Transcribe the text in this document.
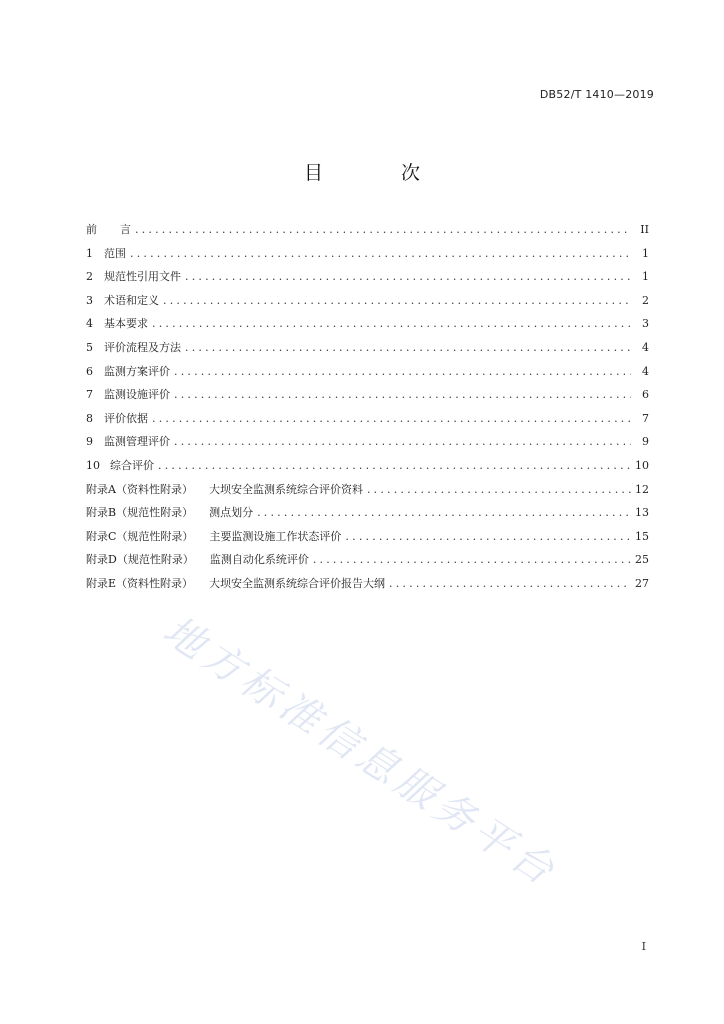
DB52/T 1410—2019
目 次
前	言 .....	II
1	范围 .....	1
2	规范性引用文件 .....	1
3	术语和定义 .....	2
4	基本要求 .....	3
5	评价流程及方法 .....	4
6	监测方案评价 .....	4
7	监测设施评价 .....	6
8	评价依据 .....	7
9	监测管理评价 .....	9
10 综合评价 .....	10
附录A（资料性附录） 大坝安全监测系统综合评价资料 .....	12
附录B（规范性附录） 测点划分 .....	13
附录C（规范性附录） 主要监测设施工作状态评价 .....	15
附录D（规范性附录） 监测自动化系统评价 .....	25
附录E（资料性附录） 大坝安全监测系统综合评价报告大纲 .....	27
地方标准信息服务平台
I
